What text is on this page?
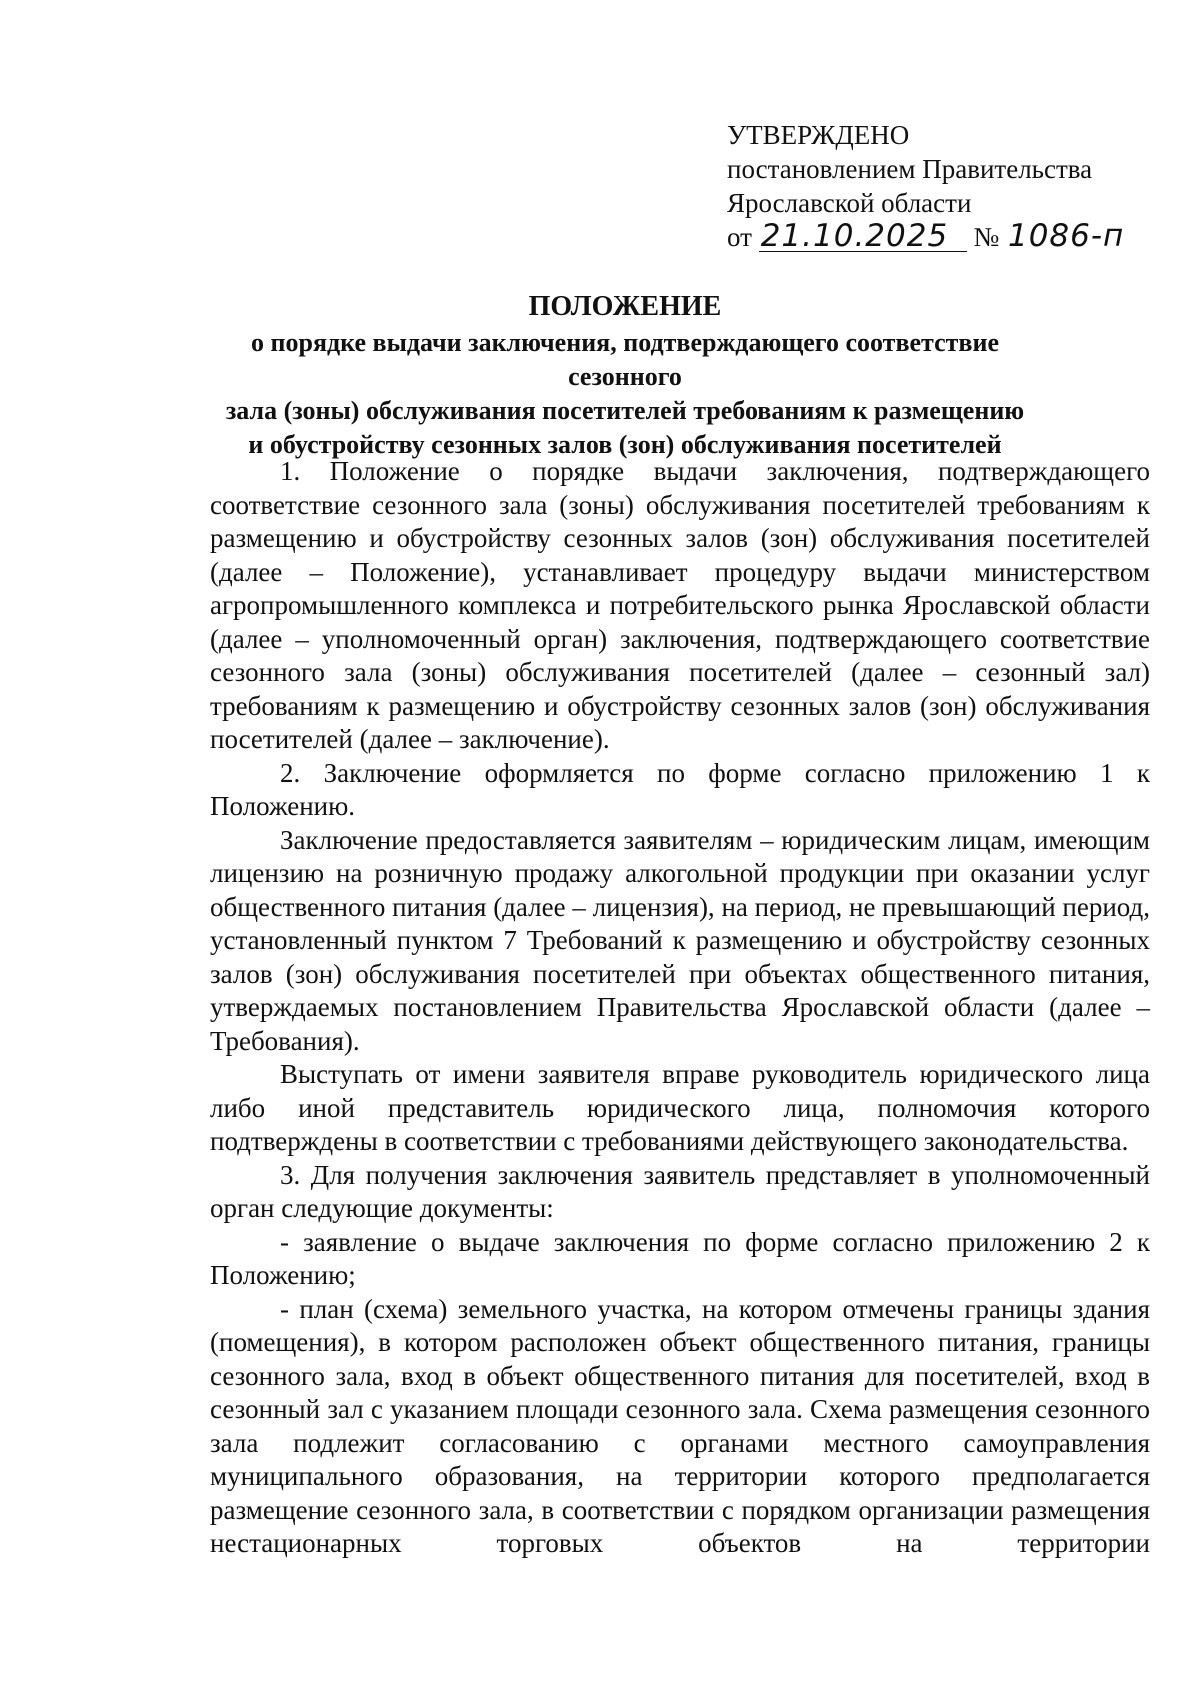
УТВЕРЖДЕНО
постановлением Правительства
Ярославской области
от 21.10.2025 № 1086-п
ПОЛОЖЕНИЕ
о порядке выдачи заключения, подтверждающего соответствие сезонного
зала (зоны) обслуживания посетителей требованиям к размещению
и обустройству сезонных залов (зон) обслуживания посетителей

1. Положение о порядке выдачи заключения, подтверждающего соответствие сезонного зала (зоны) обслуживания посетителей требованиям к размещению и обустройству сезонных залов (зон) обслуживания посетителей (далее – Положение), устанавливает процедуру выдачи министерством агропромышленного комплекса и потребительского рынка Ярославской области (далее – уполномоченный орган) заключения, подтверждающего соответствие сезонного зала (зоны) обслуживания посетителей (далее – сезонный зал) требованиям к размещению и обустройству сезонных залов (зон) обслуживания посетителей (далее – заключение).

2. Заключение оформляется по форме согласно приложению 1 к Положению.

Заключение предоставляется заявителям – юридическим лицам, имеющим лицензию на розничную продажу алкогольной продукции при оказании услуг общественного питания (далее – лицензия), на период, не превышающий период, установленный пунктом 7 Требований к размещению и обустройству сезонных залов (зон) обслуживания посетителей при объектах общественного питания, утверждаемых постановлением Правительства Ярославской области (далее – Требования).

Выступать от имени заявителя вправе руководитель юридического лица либо иной представитель юридического лица, полномочия которого подтверждены в соответствии с требованиями действующего законодательства.

3. Для получения заключения заявитель представляет в уполномоченный орган следующие документы:

- заявление о выдаче заключения по форме согласно приложению 2 к Положению;

- план (схема) земельного участка, на котором отмечены границы здания (помещения), в котором расположен объект общественного питания, границы сезонного зала, вход в объект общественного питания для посетителей, вход в сезонный зал с указанием площади сезонного зала. Схема размещения сезонного зала подлежит согласованию с органами местного самоуправления муниципального образования, на территории которого предполагается размещение сезонного зала, в соответствии с порядком организации размещения нестационарных торговых объектов на территории
